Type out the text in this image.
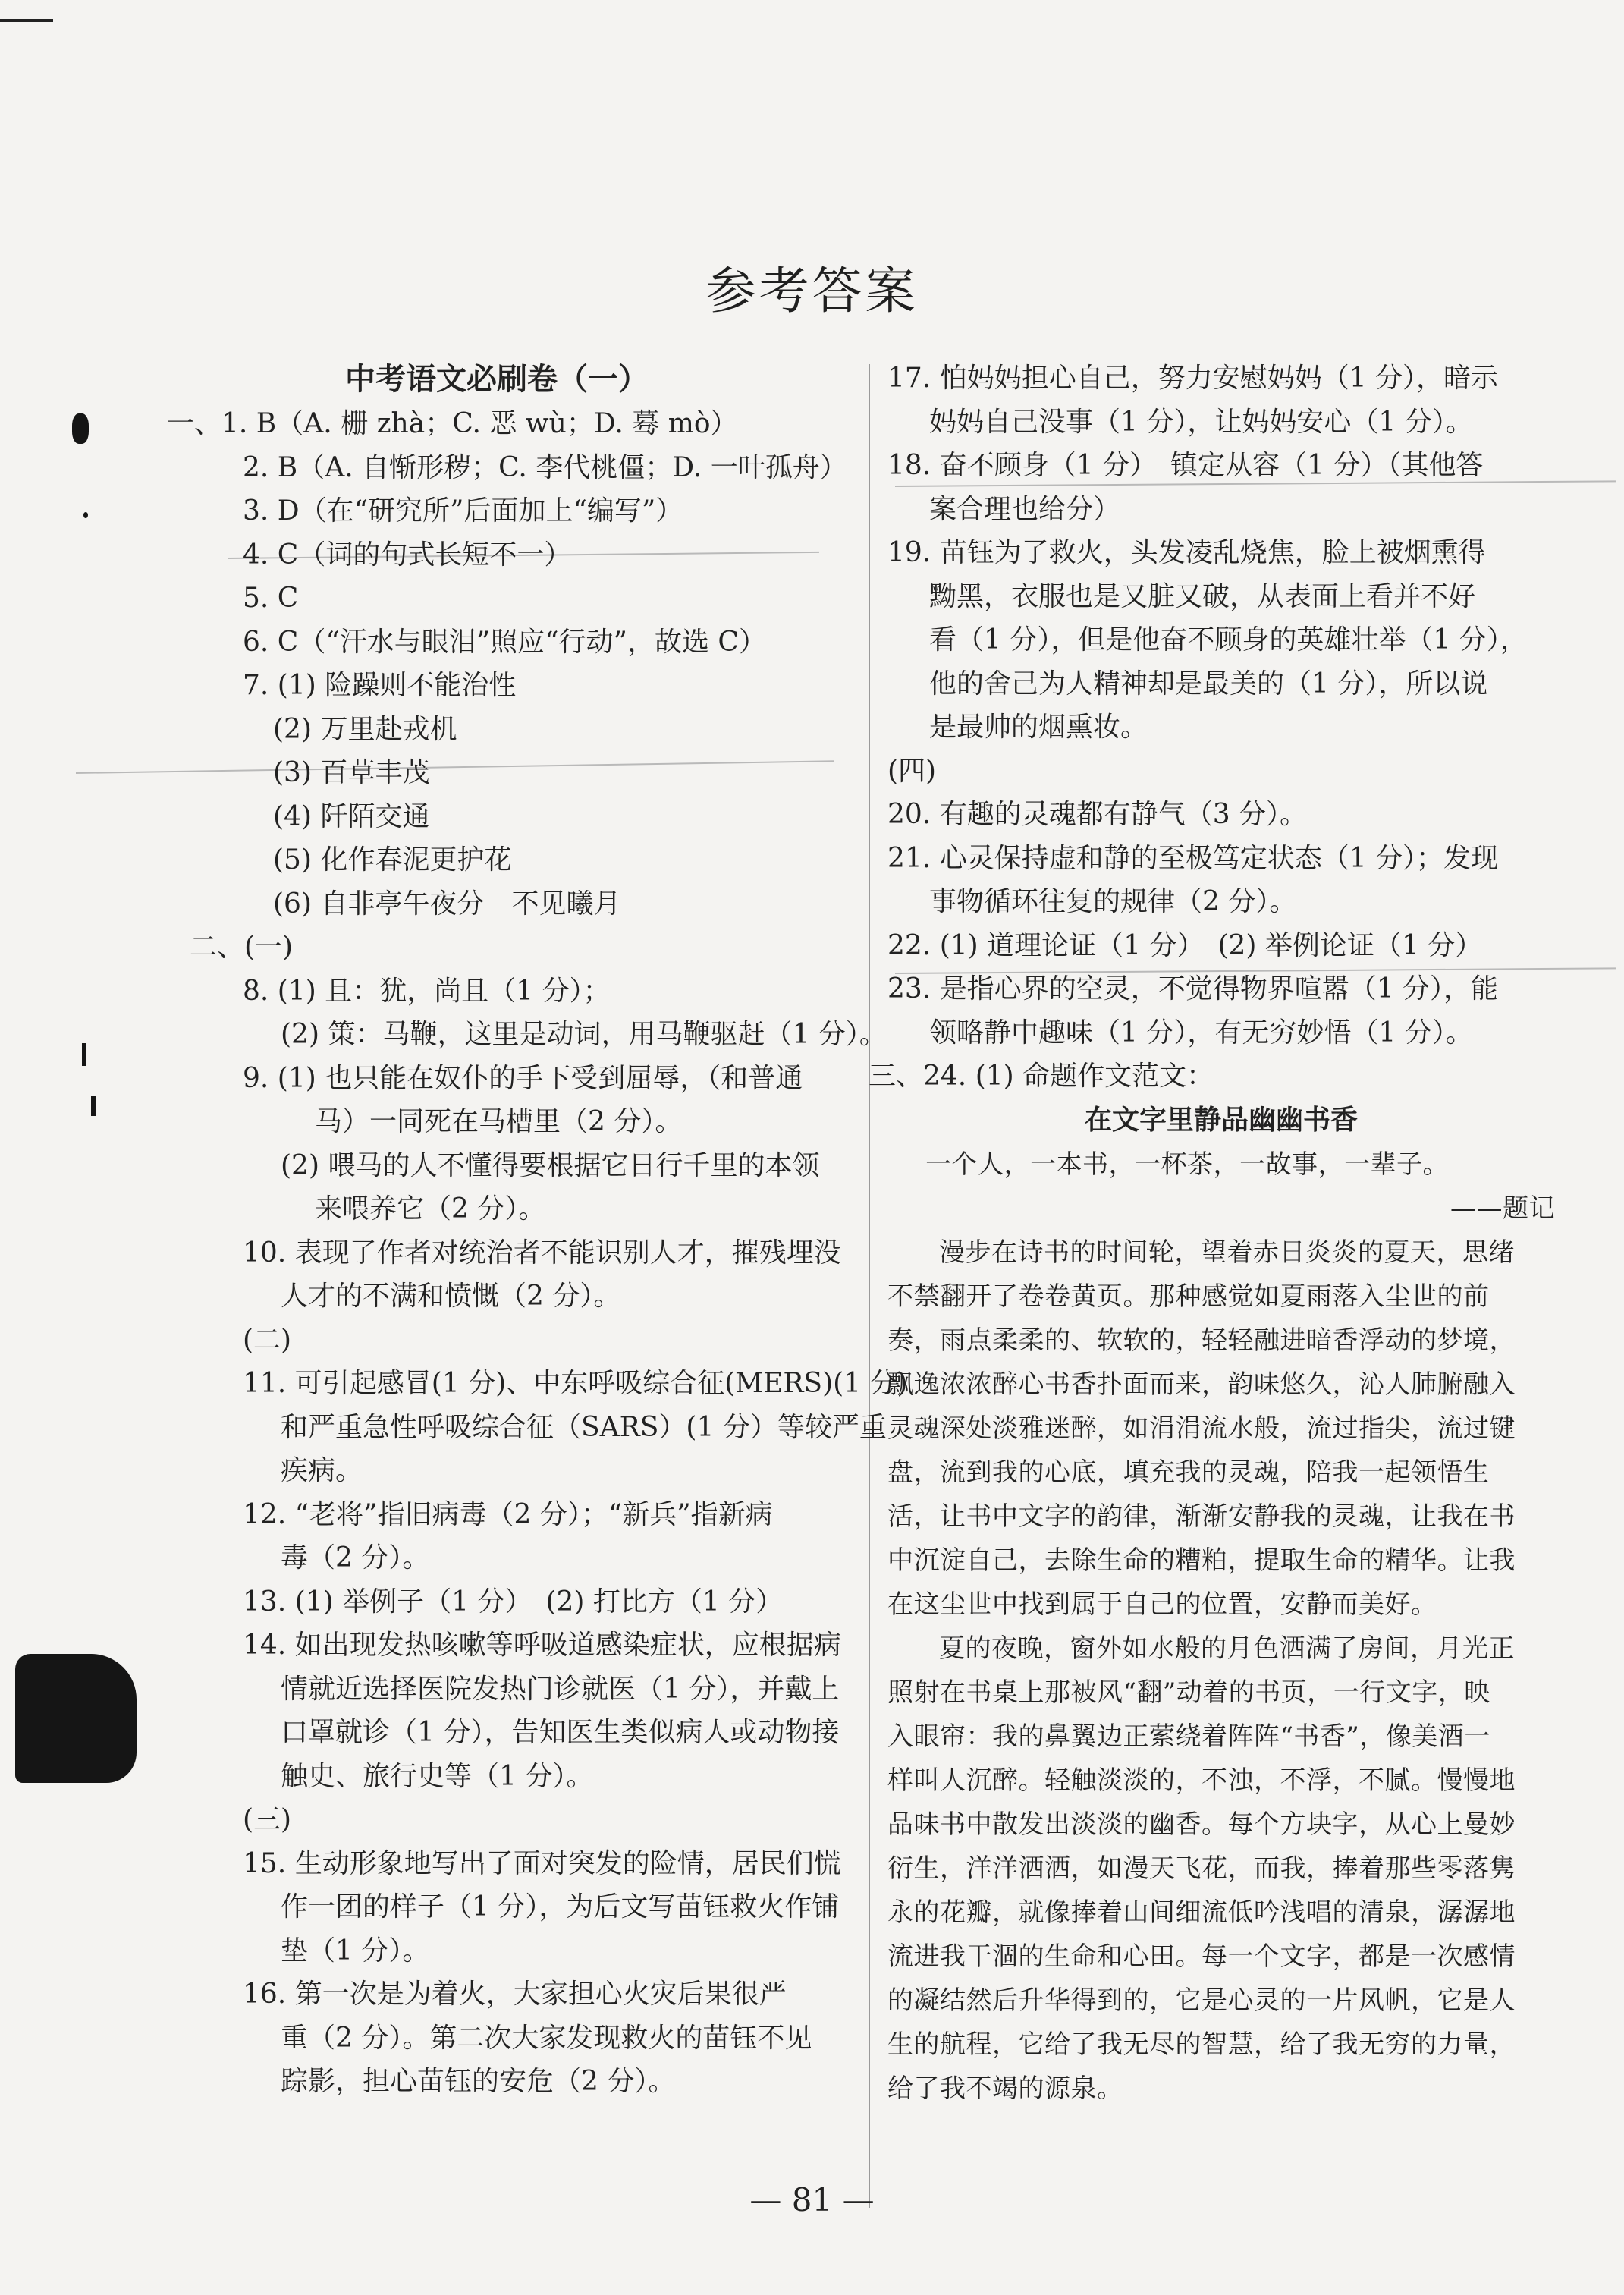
参考答案
中考语文必刷卷（一）
一、1. B（A. 栅 zhà；C. 恶 wù；D. 蓦 mò）
2. B（A. 自惭形秽；C. 李代桃僵；D. 一叶孤舟）
3. D（在“研究所”后面加上“编写”）
4. C（词的句式长短不一）
5. C
6. C（“汗水与眼泪”照应“行动”，故选 C）
7. (1) 险躁则不能治性
(2) 万里赴戎机
(3) 百草丰茂
(4) 阡陌交通
(5) 化作春泥更护花
(6) 自非亭午夜分　不见曦月
二、(一)
8. (1) 且：犹，尚且（1 分）；
(2) 策：马鞭，这里是动词，用马鞭驱赶（1 分）。
9. (1) 也只能在奴仆的手下受到屈辱，（和普通
马）一同死在马槽里（2 分）。
(2) 喂马的人不懂得要根据它日行千里的本领
来喂养它（2 分）。
10. 表现了作者对统治者不能识别人才，摧残埋没
人才的不满和愤慨（2 分）。
(二)
11. 可引起感冒(1 分)、中东呼吸综合征(MERS)(1 分)
和严重急性呼吸综合征（SARS）(1 分）等较严重
疾病。
12. “老将”指旧病毒（2 分）；“新兵”指新病
毒（2 分）。
13. (1) 举例子（1 分）　(2) 打比方（1 分）
14. 如出现发热咳嗽等呼吸道感染症状，应根据病
情就近选择医院发热门诊就医（1 分），并戴上
口罩就诊（1 分），告知医生类似病人或动物接
触史、旅行史等（1 分）。
(三)
15. 生动形象地写出了面对突发的险情，居民们慌
作一团的样子（1 分），为后文写苗钰救火作铺
垫（1 分）。
16. 第一次是为着火，大家担心火灾后果很严
重（2 分）。第二次大家发现救火的苗钰不见
踪影，担心苗钰的安危（2 分）。
17. 怕妈妈担心自己，努力安慰妈妈（1 分），暗示
妈妈自己没事（1 分），让妈妈安心（1 分）。
18. 奋不顾身（1 分）　镇定从容（1 分）（其他答
案合理也给分）
19. 苗钰为了救火，头发凌乱烧焦，脸上被烟熏得
黝黑，衣服也是又脏又破，从表面上看并不好
看（1 分），但是他奋不顾身的英雄壮举（1 分），
他的舍己为人精神却是最美的（1 分），所以说
是最帅的烟熏妆。
(四)
20. 有趣的灵魂都有静气（3 分）。
21. 心灵保持虚和静的至极笃定状态（1 分）；发现
事物循环往复的规律（2 分）。
22. (1) 道理论证（1 分）　(2) 举例论证（1 分）
23. 是指心界的空灵，不觉得物界喧嚣（1 分），能
领略静中趣味（1 分），有无穷妙悟（1 分）。
三、24. (1) 命题作文范文：
在文字里静品幽幽书香
一个人，一本书，一杯茶，一故事，一辈子。
——题记
漫步在诗书的时间轮，望着赤日炎炎的夏天，思绪
不禁翻开了卷卷黄页。那种感觉如夏雨落入尘世的前
奏，雨点柔柔的、软软的，轻轻融进暗香浮动的梦境，
飘逸浓浓醉心书香扑面而来，韵味悠久，沁人肺腑融入
灵魂深处淡雅迷醉，如涓涓流水般，流过指尖，流过键
盘，流到我的心底，填充我的灵魂，陪我一起领悟生
活，让书中文字的韵律，渐渐安静我的灵魂，让我在书
中沉淀自己，去除生命的糟粕，提取生命的精华。让我
在这尘世中找到属于自己的位置，安静而美好。
夏的夜晚，窗外如水般的月色洒满了房间，月光正
照射在书桌上那被风“翻”动着的书页，一行文字，映
入眼帘：我的鼻翼边正萦绕着阵阵“书香”，像美酒一
样叫人沉醉。轻触淡淡的，不浊，不浮，不腻。慢慢地
品味书中散发出淡淡的幽香。每个方块字，从心上曼妙
衍生，洋洋洒洒，如漫天飞花，而我，捧着那些零落隽
永的花瓣，就像捧着山间细流低吟浅唱的清泉，潺潺地
流进我干涸的生命和心田。每一个文字，都是一次感情
的凝结然后升华得到的，它是心灵的一片风帆，它是人
生的航程，它给了我无尽的智慧，给了我无穷的力量，
给了我不竭的源泉。
— 81 —
